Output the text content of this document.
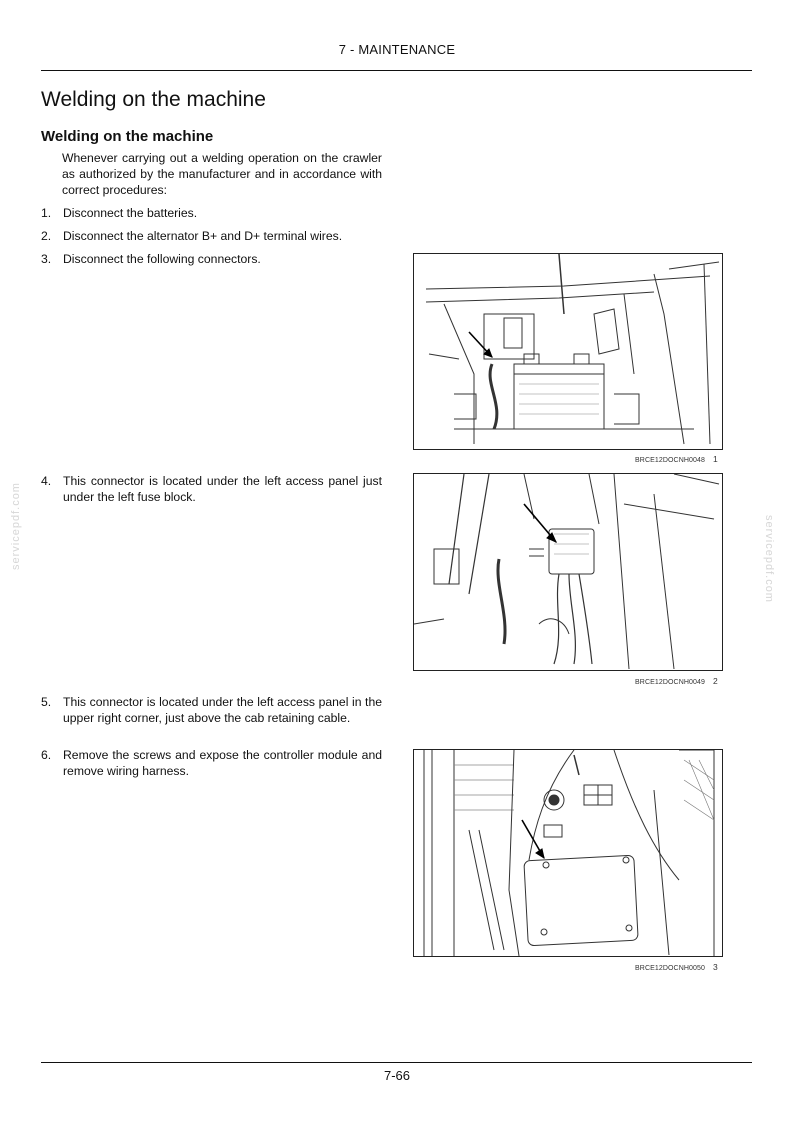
7 - MAINTENANCE
Welding on the machine
Welding on the machine
Whenever carrying out a welding operation on the crawler as authorized by the manufacturer and in accordance with correct procedures:
1. Disconnect the batteries.
2. Disconnect the alternator B+ and D+ terminal wires.
3. Disconnect the following connectors.
4. This connector is located under the left access panel just under the left fuse block.
5. This connector is located under the left access panel in the upper right corner, just above the cab retaining cable.
6. Remove the screws and expose the controller module and remove wiring harness.
BRCE12DOCNH0048 1
BRCE12DOCNH0049 2
BRCE12DOCNH0050 3
servicepdf.com	servicepdf.com
7-66
